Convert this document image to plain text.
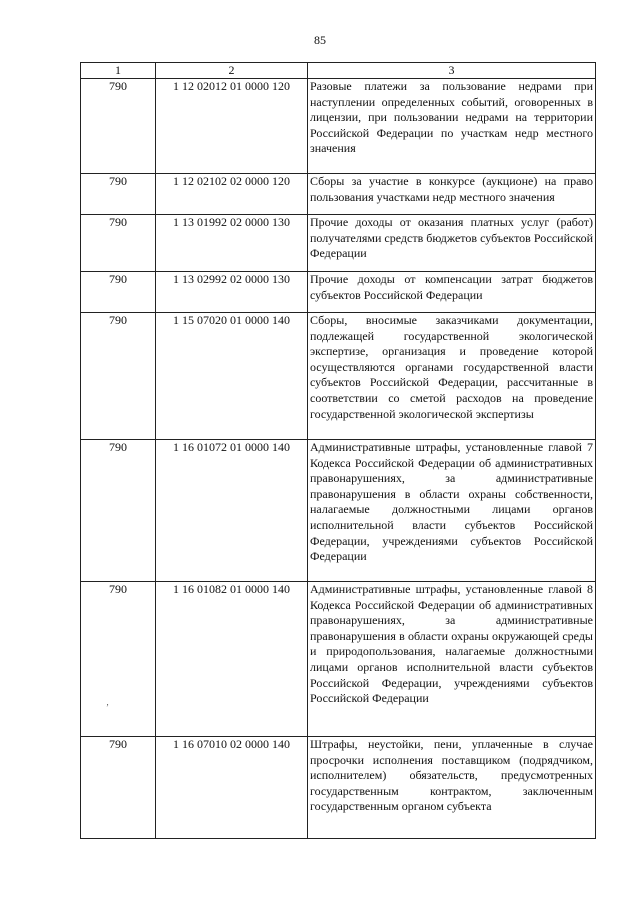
85
1	2	3
790	1 12 02012 01 0000 120	Разовые платежи за пользование недрами при наступлении определенных событий, оговоренных в лицензии, при пользовании недрами на территории Российской Федерации по участкам недр местного значения
790	1 12 02102 02 0000 120	Сборы за участие в конкурсе (аукционе) на право пользования участками недр местного значения
790	1 13 01992 02 0000 130	Прочие доходы от оказания платных услуг (работ) получателями средств бюджетов субъектов Российской Федерации
790	1 13 02992 02 0000 130	Прочие доходы от компенсации затрат бюджетов субъектов Российской Федерации
790	1 15 07020 01 0000 140	Сборы, вносимые заказчиками документации, подлежащей государственной экологической экспертизе, организация и проведение которой осуществляются органами государственной власти субъектов Российской Федерации, рассчитанные в соответствии со сметой расходов на проведение государственной экологической экспертизы
790	1 16 01072 01 0000 140	Административные штрафы, установленные главой 7 Кодекса Российской Федерации об административных правонарушениях, за административные правонарушения в области охраны собственности, налагаемые должностными лицами органов исполнительной власти субъектов Российской Федерации, учреждениями субъектов Российской Федерации
790	1 16 01082 01 0000 140	Административные штрафы, установленные главой 8 Кодекса Российской Федерации об административных правонарушениях, за административные правонарушения в области охраны окружающей среды и природопользования, налагаемые должностными лицами органов исполнительной власти субъектов Российской Федерации, учреждениями субъектов Российской Федерации
790	1 16 07010 02 0000 140	Штрафы, неустойки, пени, уплаченные в случае просрочки исполнения поставщиком (подрядчиком, исполнителем) обязательств, предусмотренных государственным контрактом, заключенным государственным органом субъекта
‚
